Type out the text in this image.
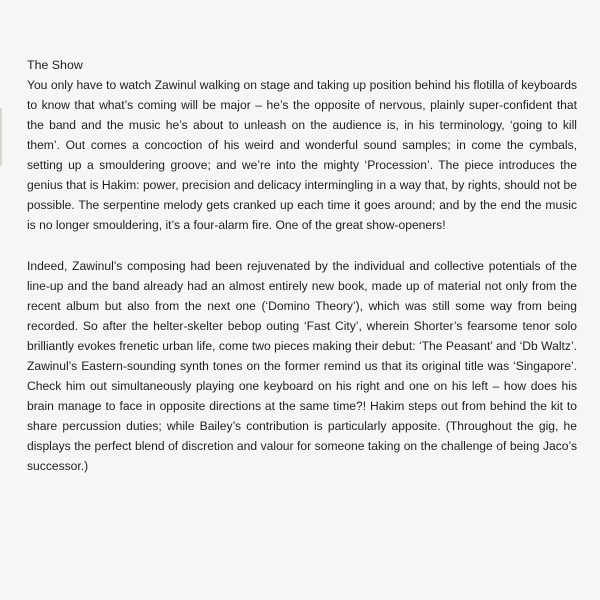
The Show

You only have to watch Zawinul walking on stage and taking up position behind his flotilla of keyboards to know that what’s coming will be major – he’s the opposite of nervous, plainly super-confident that the band and the music he’s about to unleash on the audience is, in his terminology, ‘going to kill them’. Out comes a concoction of his weird and wonderful sound samples; in come the cymbals, setting up a smouldering groove; and we’re into the mighty ‘Procession’. The piece introduces the genius that is Hakim: power, precision and delicacy intermingling in a way that, by rights, should not be possible. The serpentine melody gets cranked up each time it goes around; and by the end the music is no longer smouldering, it’s a four-alarm fire. One of the great show-openers!

Indeed, Zawinul’s composing had been rejuvenated by the individual and collective potentials of the line-up and the band already had an almost entirely new book, made up of material not only from the recent album but also from the next one (‘Domino Theory’), which was still some way from being recorded. So after the helter-skelter bebop outing ‘Fast City’, wherein Shorter’s fearsome tenor solo brilliantly evokes frenetic urban life, come two pieces making their debut: ‘The Peasant’ and ‘Db Waltz’. Zawinul’s Eastern-sounding synth tones on the former remind us that its original title was ‘Singapore’. Check him out simultaneously playing one keyboard on his right and one on his left – how does his brain manage to face in opposite directions at the same time?! Hakim steps out from behind the kit to share percussion duties; while Bailey’s contribution is particularly apposite. (Throughout the gig, he displays the perfect blend of discretion and valour for someone taking on the challenge of being Jaco’s successor.)
